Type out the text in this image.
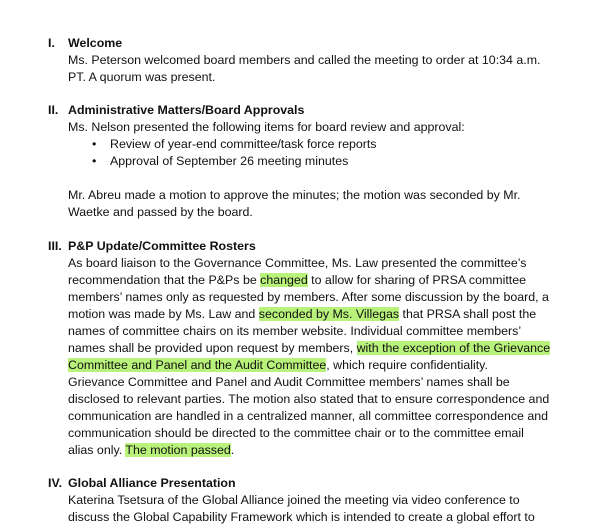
I. Welcome
Ms. Peterson welcomed board members and called the meeting to order at 10:34 a.m.
PT. A quorum was present.
II. Administrative Matters/Board Approvals
Ms. Nelson presented the following items for board review and approval:
• Review of year-end committee/task force reports
• Approval of September 26 meeting minutes
Mr. Abreu made a motion to approve the minutes; the motion was seconded by Mr.
Waetke and passed by the board.
III. P&P Update/Committee Rosters
As board liaison to the Governance Committee, Ms. Law presented the committee’s
recommendation that the P&Ps be changed to allow for sharing of PRSA committee
members’ names only as requested by members. After some discussion by the board, a
motion was made by Ms. Law and seconded by Ms. Villegas that PRSA shall post the
names of committee chairs on its member website. Individual committee members’
names shall be provided upon request by members, with the exception of the Grievance
Committee and Panel and the Audit Committee, which require confidentiality.
Grievance Committee and Panel and Audit Committee members’ names shall be
disclosed to relevant parties. The motion also stated that to ensure correspondence and
communication are handled in a centralized manner, all committee correspondence and
communication should be directed to the committee chair or to the committee email
alias only. The motion passed.
IV. Global Alliance Presentation
Katerina Tsetsura of the Global Alliance joined the meeting via video conference to
discuss the Global Capability Framework which is intended to create a global effort to
